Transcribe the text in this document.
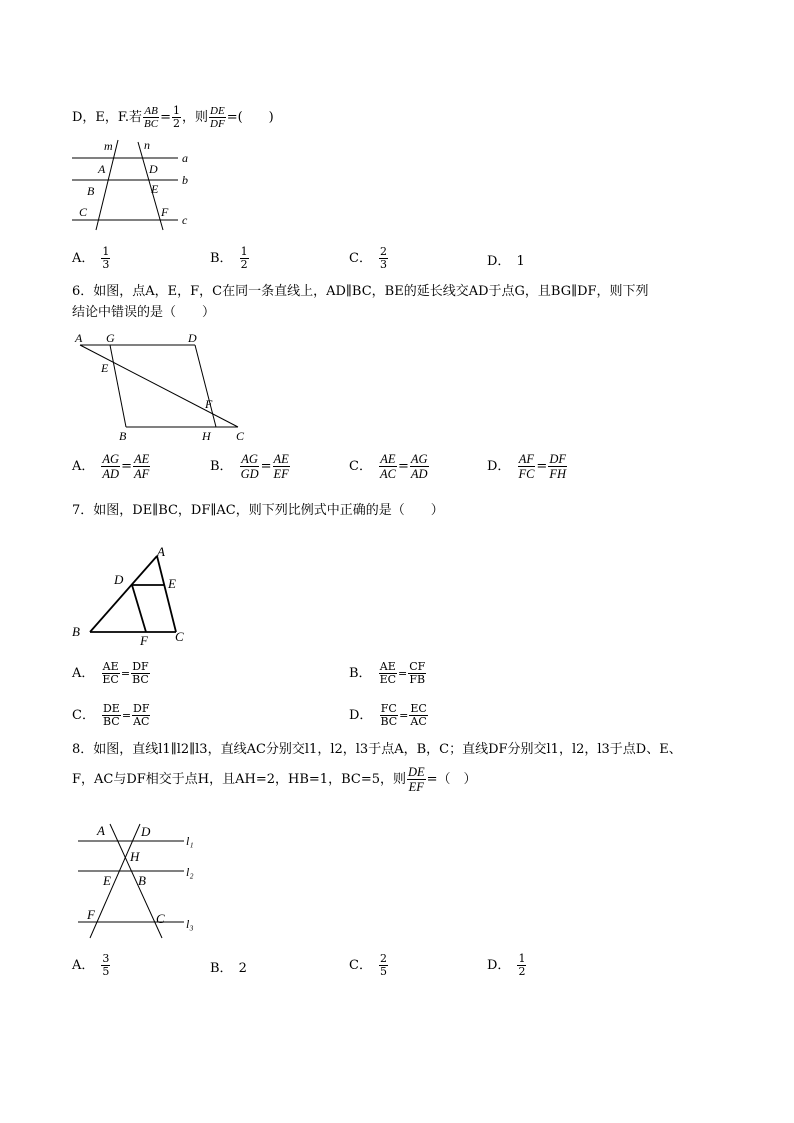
D，E，F.若 $\frac{AB}{BC} = \frac{1}{2}$ ，则 $\frac{DE}{DF}$ =(　　)
m	n
a
b
c
A	D
B	E
C	F
A． $\frac{1}{3}$	B． $\frac{1}{2}$	C． $\frac{2}{3}$	D． 1
6．如图，点A，E，F，C在同一条直线上，AD∥BC，BE的延长线交AD于点G，且BG∥DF，则下列
结论中错误的是（　　）
A G	D
E
F
B	H C
A． $\frac{AG}{AD} = \frac{AE}{AF}$	B． $\frac{AG}{GD} = \frac{AE}{EF}$	C． $\frac{AE}{AC} = \frac{AG}{AD}$	D． $\frac{AF}{FC} = \frac{DF}{FH}$
7．如图，DE∥BC，DF∥AC，则下列比例式中正确的是（　　）
A
D	E
B
F C
A． $\frac{AE}{EC} = \frac{DF}{BC}$	B． $\frac{AE}{EC} = \frac{CF}{FB}$
C． $\frac{DE}{BC} = \frac{DF}{AC}$	D． $\frac{FC}{BC} = \frac{EC}{AC}$
8．如图，直线l1∥l2∥l3，直线AC分别交l1，l2，l3于点A，B，C；直线DF分别交l1，l2，l3于点D、E、
F，AC与DF相交于点H，且AH=2，HB=1，BC=5，则 $\frac{DE}{EF}$ =（　）
A	D
H
E B
F	C
l₁
l₂
l₃
A． $\frac{3}{5}$	B． 2	C． $\frac{2}{5}$	D． $\frac{1}{2}$
